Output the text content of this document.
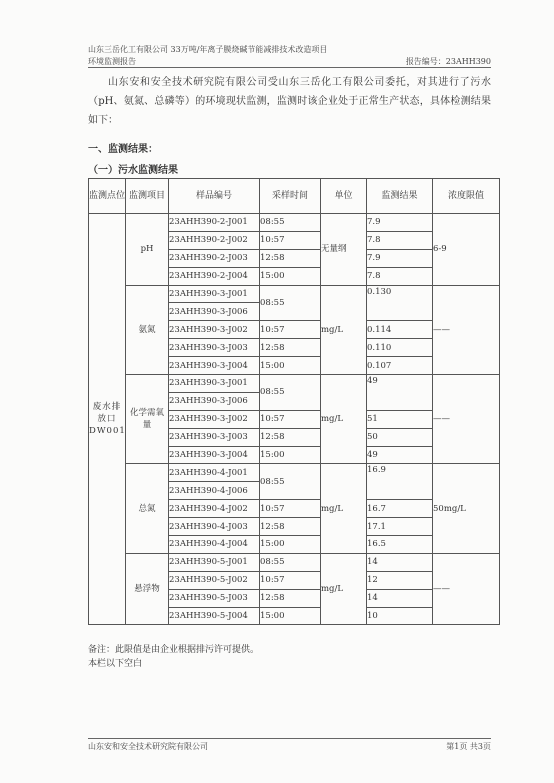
山东三岳化工有限公司 33万吨/年离子膜烧碱节能减排技术改造项目
环境监测报告	报告编号：23AHH390
山东安和安全技术研究院有限公司受山东三岳化工有限公司委托，对其进行了污水（pH、氨氮、总磷等）的环境现状监测，监测时该企业处于正常生产状态，具体检测结果如下：
一、监测结果：
（一）污水监测结果
监测点位	监测项目	样品编号	采样时间	单位	监测结果	浓度限值
废水排放口DW001	pH	23AHH390-2-J001	08:55	无量纲	7.9	6-9
		23AHH390-2-J002	10:57		7.8	
		23AHH390-2-J003	12:58		7.9	
		23AHH390-2-J004	15:00		7.8	
	氨氮	23AHH390-3-J001	08:55	mg/L	0.130	——
		23AHH390-3-J006				
		23AHH390-3-J002	10:57		0.114	
		23AHH390-3-J003	12:58		0.110	
		23AHH390-3-J004	15:00		0.107	
	化学需氧量	23AHH390-3-J001	08:55	mg/L	49	——
		23AHH390-3-J006				
		23AHH390-3-J002	10:57		51	
		23AHH390-3-J003	12:58		50	
		23AHH390-3-J004	15:00		49	
	总氮	23AHH390-4-J001	08:55	mg/L	16.9	50mg/L
		23AHH390-4-J006				
		23AHH390-4-J002	10:57		16.7	
		23AHH390-4-J003	12:58		17.1	
		23AHH390-4-J004	15:00		16.5	
	悬浮物	23AHH390-5-J001	08:55	mg/L	14	——
		23AHH390-5-J002	10:57		12	
		23AHH390-5-J003	12:58		14	
		23AHH390-5-J004	15:00		10	
备注：此限值是由企业根据排污许可提供。
本栏以下空白
山东安和安全技术研究院有限公司	第1页 共3页
